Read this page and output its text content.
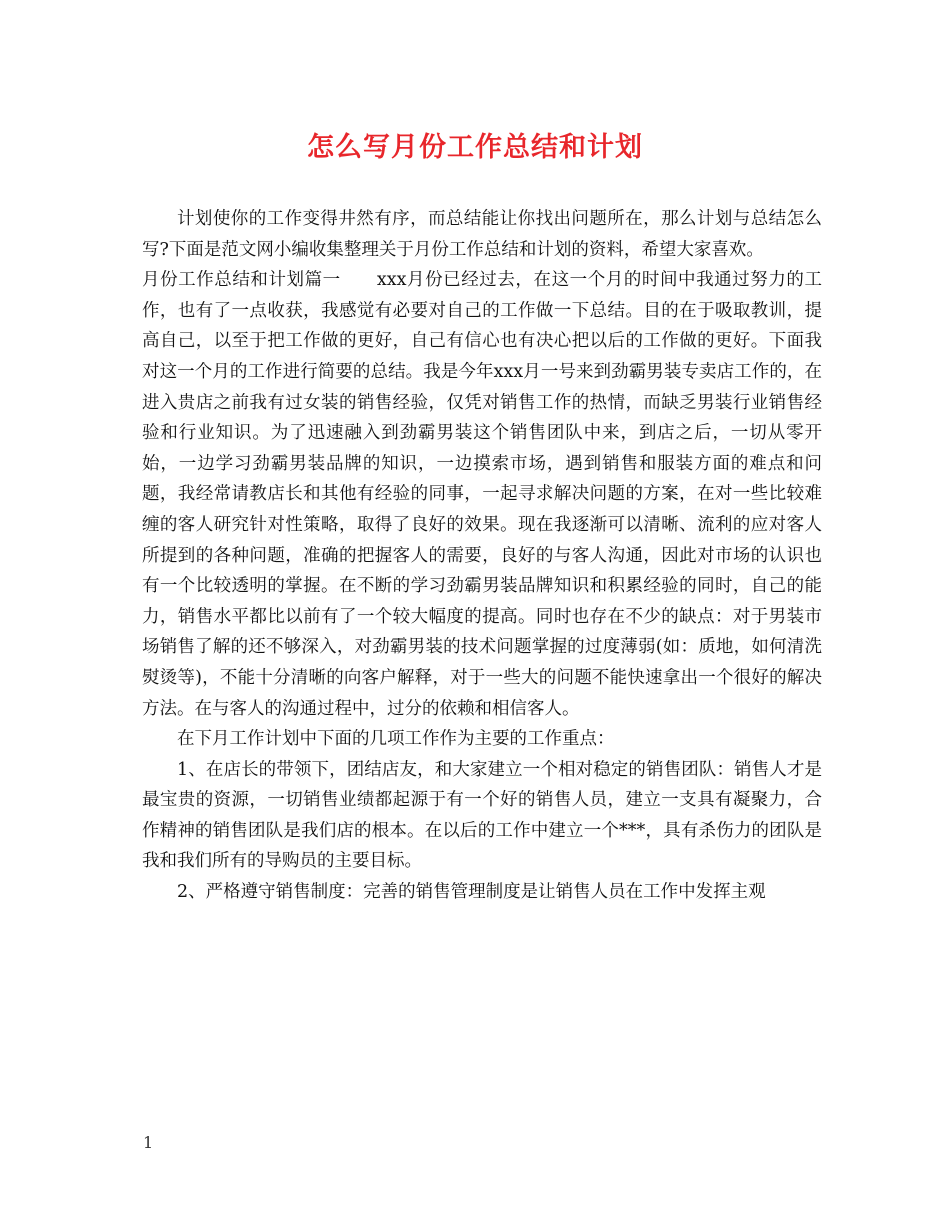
怎么写月份工作总结和计划

计划使你的工作变得井然有序，而总结能让你找出问题所在，那么计划与总结怎么写?下面是范文网小编收集整理关于月份工作总结和计划的资料，希望大家喜欢。

月份工作总结和计划篇一　　xxx月份已经过去，在这一个月的时间中我通过努力的工作，也有了一点收获，我感觉有必要对自己的工作做一下总结。目的在于吸取教训，提高自己，以至于把工作做的更好，自己有信心也有决心把以后的工作做的更好。下面我对这一个月的工作进行简要的总结。我是今年xxx月一号来到劲霸男装专卖店工作的，在进入贵店之前我有过女装的销售经验，仅凭对销售工作的热情，而缺乏男装行业销售经验和行业知识。为了迅速融入到劲霸男装这个销售团队中来，到店之后，一切从零开始，一边学习劲霸男装品牌的知识，一边摸索市场，遇到销售和服装方面的难点和问题，我经常请教店长和其他有经验的同事，一起寻求解决问题的方案，在对一些比较难缠的客人研究针对性策略，取得了良好的效果。现在我逐渐可以清晰、流利的应对客人所提到的各种问题，准确的把握客人的需要，良好的与客人沟通，因此对市场的认识也有一个比较透明的掌握。在不断的学习劲霸男装品牌知识和积累经验的同时，自己的能力，销售水平都比以前有了一个较大幅度的提高。同时也存在不少的缺点：对于男装市场销售了解的还不够深入，对劲霸男装的技术问题掌握的过度薄弱(如：质地，如何清洗熨烫等)，不能十分清晰的向客户解释，对于一些大的问题不能快速拿出一个很好的解决方法。在与客人的沟通过程中，过分的依赖和相信客人。

在下月工作计划中下面的几项工作作为主要的工作重点：

1、在店长的带领下，团结店友，和大家建立一个相对稳定的销售团队：销售人才是最宝贵的资源，一切销售业绩都起源于有一个好的销售人员，建立一支具有凝聚力，合作精神的销售团队是我们店的根本。在以后的工作中建立一个***，具有杀伤力的团队是我和我们所有的导购员的主要目标。

2、严格遵守销售制度：完善的销售管理制度是让销售人员在工作中发挥主观

1
